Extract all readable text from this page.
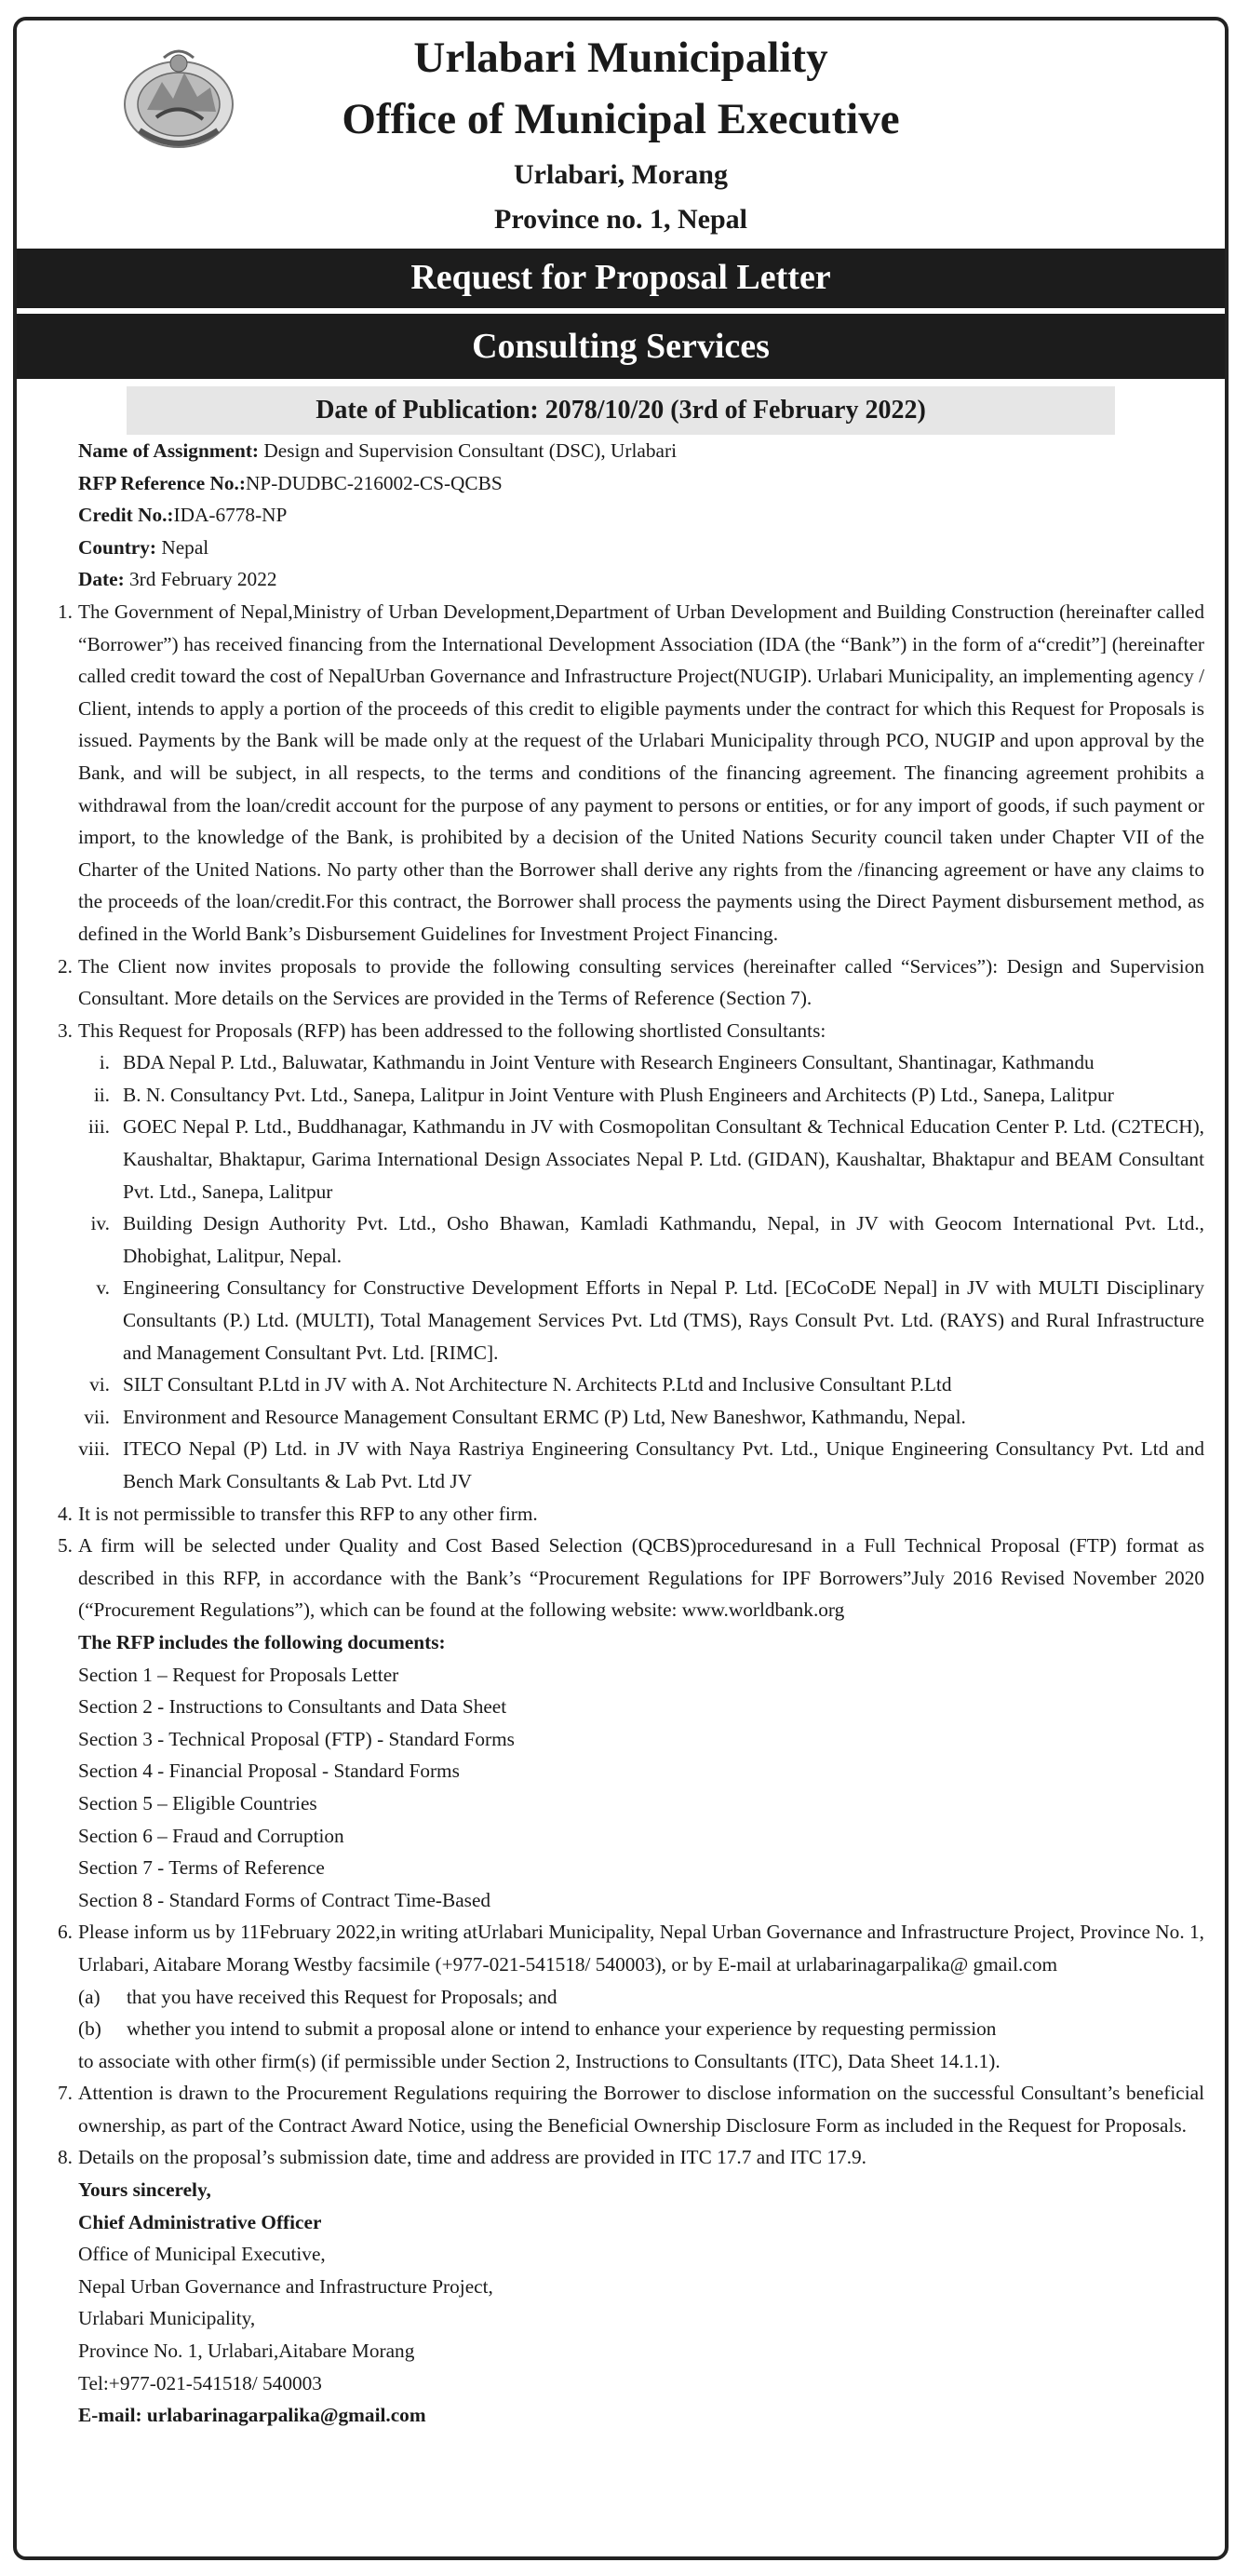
Urlabari Municipality
Office of Municipal Executive
Urlabari, Morang
Province no. 1, Nepal
Request for Proposal Letter
Consulting Services
Date of Publication: 2078/10/20 (3rd of February 2022)
Name of Assignment: Design and Supervision Consultant (DSC), Urlabari
RFP Reference No.:NP-DUDBC-216002-CS-QCBS
Credit No.:IDA-6778-NP
Country: Nepal
Date: 3rd February 2022
1. The Government of Nepal,Ministry of Urban Development,Department of Urban Development and Building Construction (hereinafter called “Borrower”) has received financing from the International Development Association (IDA (the “Bank”) in the form of a“credit”] (hereinafter called credit toward the cost of NepalUrban Governance and Infrastructure Project(NUGIP). Urlabari Municipality, an implementing agency / Client, intends to apply a portion of the proceeds of this credit to eligible payments under the contract for which this Request for Proposals is issued. Payments by the Bank will be made only at the request of the Urlabari Municipality through PCO, NUGIP and upon approval by the Bank, and will be subject, in all respects, to the terms and conditions of the financing agreement. The financing agreement prohibits a withdrawal from the loan/credit account for the purpose of any payment to persons or entities, or for any import of goods, if such payment or import, to the knowledge of the Bank, is prohibited by a decision of the United Nations Security council taken under Chapter VII of the Charter of the United Nations. No party other than the Borrower shall derive any rights from the /financing agreement or have any claims to the proceeds of the loan/credit.For this contract, the Borrower shall process the payments using the Direct Payment disbursement method, as defined in the World Bank’s Disbursement Guidelines for Investment Project Financing.
2. The Client now invites proposals to provide the following consulting services (hereinafter called “Services”): Design and Supervision Consultant. More details on the Services are provided in the Terms of Reference (Section 7).
3. This Request for Proposals (RFP) has been addressed to the following shortlisted Consultants:
i. BDA Nepal P. Ltd., Baluwatar, Kathmandu in Joint Venture with Research Engineers Consultant, Shantinagar, Kathmandu
ii. B. N. Consultancy Pvt. Ltd., Sanepa, Lalitpur in Joint Venture with Plush Engineers and Architects (P) Ltd., Sanepa, Lalitpur
iii. GOEC Nepal P. Ltd., Buddhanagar, Kathmandu in JV with Cosmopolitan Consultant & Technical Education Center P. Ltd. (C2TECH), Kaushaltar, Bhaktapur, Garima International Design Associates Nepal P. Ltd. (GIDAN), Kaushaltar, Bhaktapur and BEAM Consultant Pvt. Ltd., Sanepa, Lalitpur
iv. Building Design Authority Pvt. Ltd., Osho Bhawan, Kamladi Kathmandu, Nepal, in JV with Geocom International Pvt. Ltd., Dhobighat, Lalitpur, Nepal.
v. Engineering Consultancy for Constructive Development Efforts in Nepal P. Ltd. [ECoCoDE Nepal] in JV with MULTI Disciplinary Consultants (P.) Ltd. (MULTI), Total Management Services Pvt. Ltd (TMS), Rays Consult Pvt. Ltd. (RAYS) and Rural Infrastructure and Management Consultant Pvt. Ltd. [RIMC].
vi. SILT Consultant P.Ltd in JV with A. Not Architecture N. Architects P.Ltd and Inclusive Consultant P.Ltd
vii. Environment and Resource Management Consultant ERMC (P) Ltd, New Baneshwor, Kathmandu, Nepal.
viii. ITECO Nepal (P) Ltd. in JV with Naya Rastriya Engineering Consultancy Pvt. Ltd., Unique Engineering Consultancy Pvt. Ltd and Bench Mark Consultants & Lab Pvt. Ltd JV
4. It is not permissible to transfer this RFP to any other firm.
5. A firm will be selected under Quality and Cost Based Selection (QCBS)proceduresand in a Full Technical Proposal (FTP) format as described in this RFP, in accordance with the Bank’s “Procurement Regulations for IPF Borrowers”July 2016 Revised November 2020 (“Procurement Regulations”), which can be found at the following website: www.worldbank.org
The RFP includes the following documents:
Section 1 – Request for Proposals Letter
Section 2 - Instructions to Consultants and Data Sheet
Section 3 - Technical Proposal (FTP) - Standard Forms
Section 4 - Financial Proposal - Standard Forms
Section 5 – Eligible Countries
Section 6 – Fraud and Corruption
Section 7 - Terms of Reference
Section 8 - Standard Forms of Contract Time-Based
6. Please inform us by 11February 2022,in writing atUrlabari Municipality, Nepal Urban Governance and Infrastructure Project, Province No. 1, Urlabari, Aitabare Morang Westby facsimile (+977-021-541518/ 540003), or by E-mail at urlabarinagarpalika@ gmail.com
(a)	that you have received this Request for Proposals; and
(b)	whether you intend to submit a proposal alone or intend to enhance your experience by requesting permission
to associate with other firm(s) (if permissible under Section 2, Instructions to Consultants (ITC), Data Sheet 14.1.1).
7. Attention is drawn to the Procurement Regulations requiring the Borrower to disclose information on the successful Consultant’s beneficial ownership, as part of the Contract Award Notice, using the Beneficial Ownership Disclosure Form as included in the Request for Proposals.
8. Details on the proposal’s submission date, time and address are provided in ITC 17.7 and ITC 17.9.
Yours sincerely,
Chief Administrative Officer
Office of Municipal Executive,
Nepal Urban Governance and Infrastructure Project,
Urlabari Municipality,
Province No. 1, Urlabari,Aitabare Morang
Tel:+977-021-541518/ 540003
E-mail: urlabarinagarpalika@gmail.com
